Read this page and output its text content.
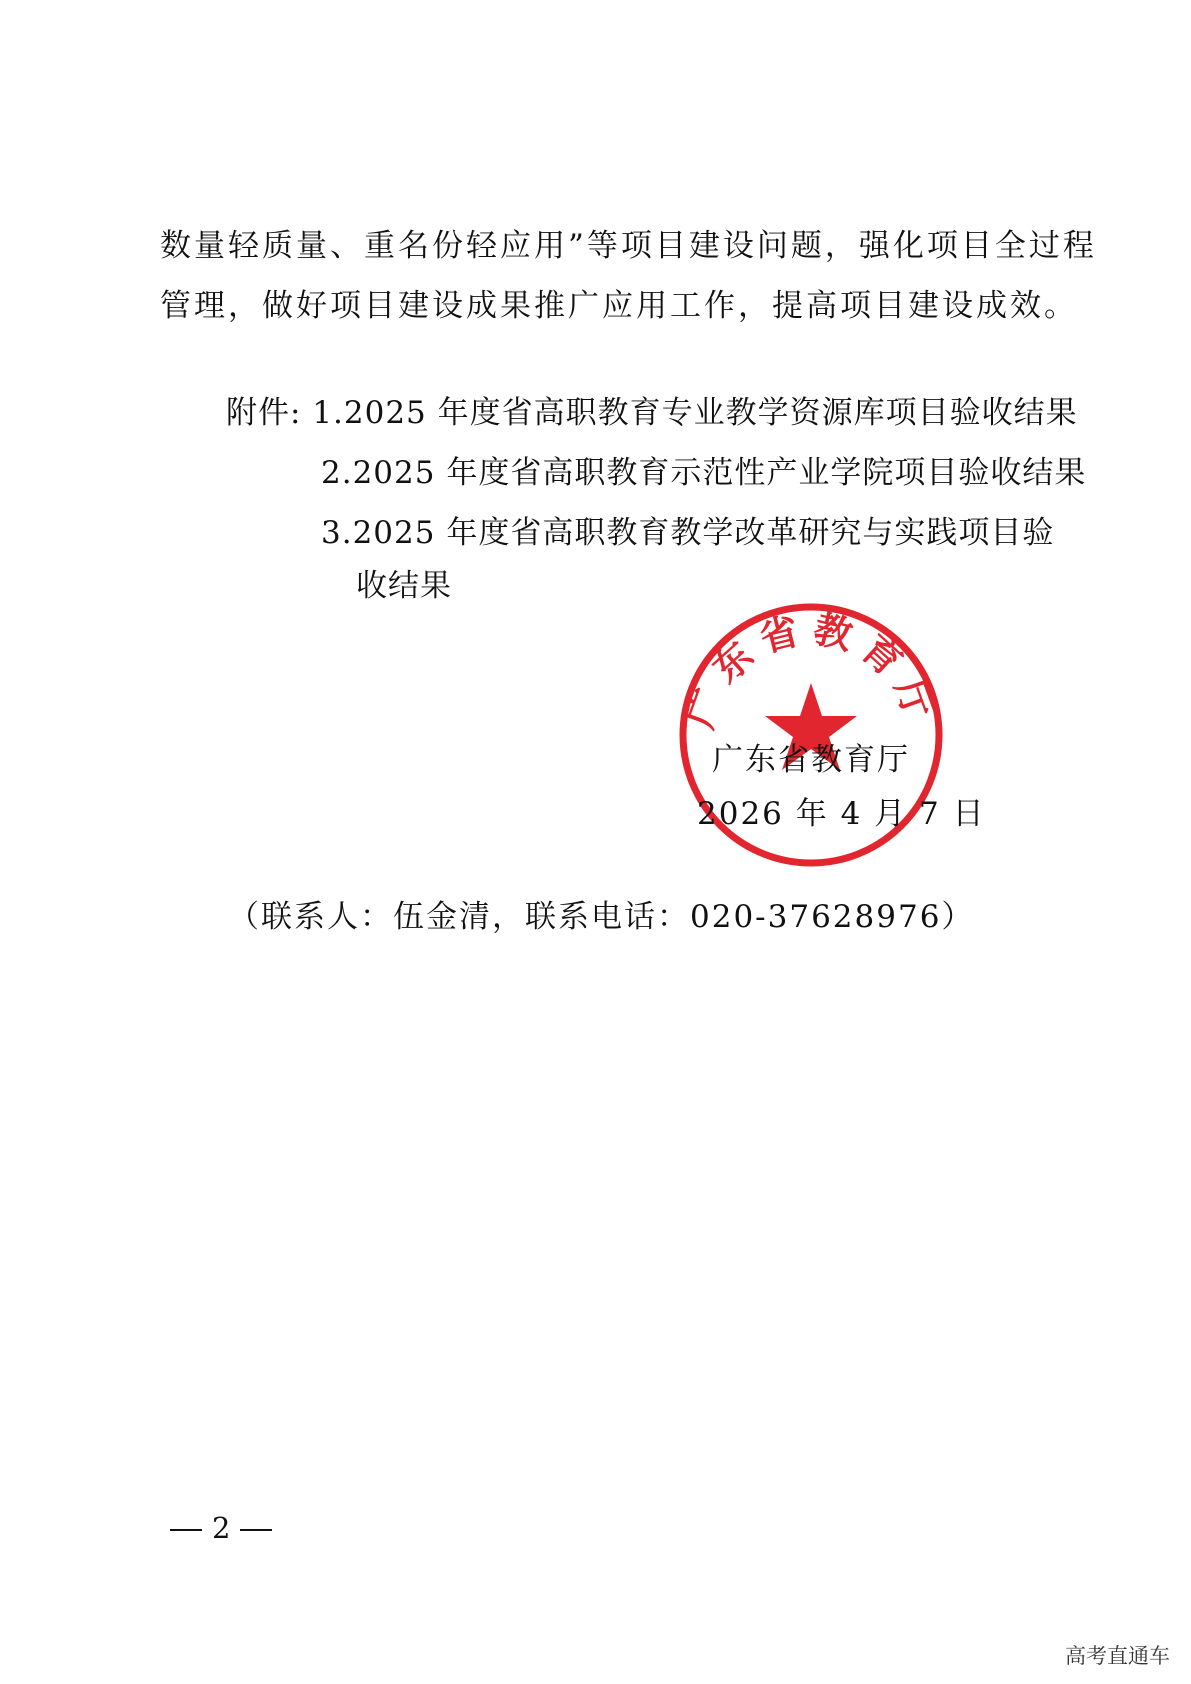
数量轻质量、重名份轻应用”等项目建设问题，强化项目全过程
管理，做好项目建设成果推广应用工作，提高项目建设成效。
附件: 1.2025 年度省高职教育专业教学资源库项目验收结果
2.2025 年度省高职教育示范性产业学院项目验收结果
3.2025 年度省高职教育教学改革研究与实践项目验
收结果
广东省教育厅
广东省教育厅
2026 年 4 月 7 日
（联系人：伍金清，联系电话：020-37628976）
2
高考直通车
